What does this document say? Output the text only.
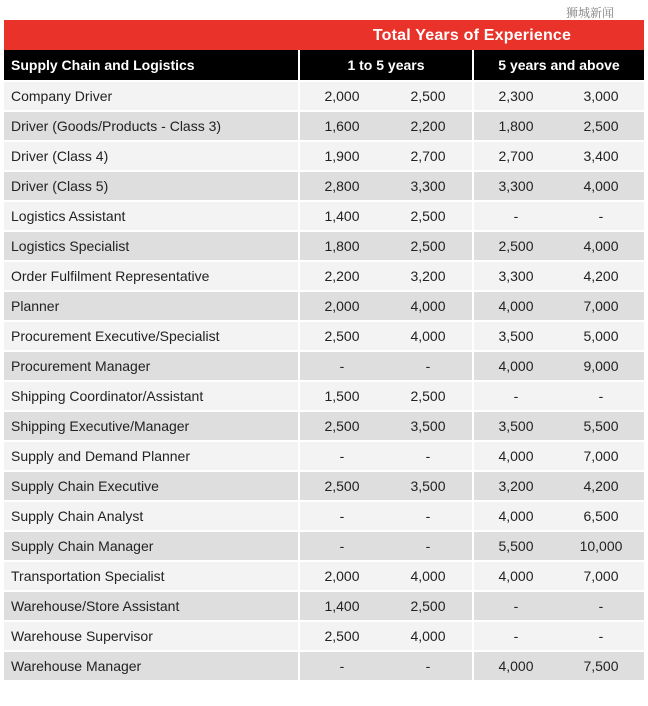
狮城新闻
Total Years of Experience
Supply Chain and Logistics	1 to 5 years		5 years and above	
Company Driver	2,000	2,500	2,300	3,000
Driver (Goods/Products - Class 3)	1,600	2,200	1,800	2,500
Driver (Class 4)	1,900	2,700	2,700	3,400
Driver (Class 5)	2,800	3,300	3,300	4,000
Logistics Assistant	1,400	2,500	-	-
Logistics Specialist	1,800	2,500	2,500	4,000
Order Fulfilment Representative	2,200	3,200	3,300	4,200
Planner	2,000	4,000	4,000	7,000
Procurement Executive/Specialist	2,500	4,000	3,500	5,000
Procurement Manager	-	-	4,000	9,000
Shipping Coordinator/Assistant	1,500	2,500	-	-
Shipping Executive/Manager	2,500	3,500	3,500	5,500
Supply and Demand Planner	-	-	4,000	7,000
Supply Chain Executive	2,500	3,500	3,200	4,200
Supply Chain Analyst	-	-	4,000	6,500
Supply Chain Manager	-	-	5,500	10,000
Transportation Specialist	2,000	4,000	4,000	7,000
Warehouse/Store Assistant	1,400	2,500	-	-
Warehouse Supervisor	2,500	4,000	-	-
Warehouse Manager	-	-	4,000	7,500
